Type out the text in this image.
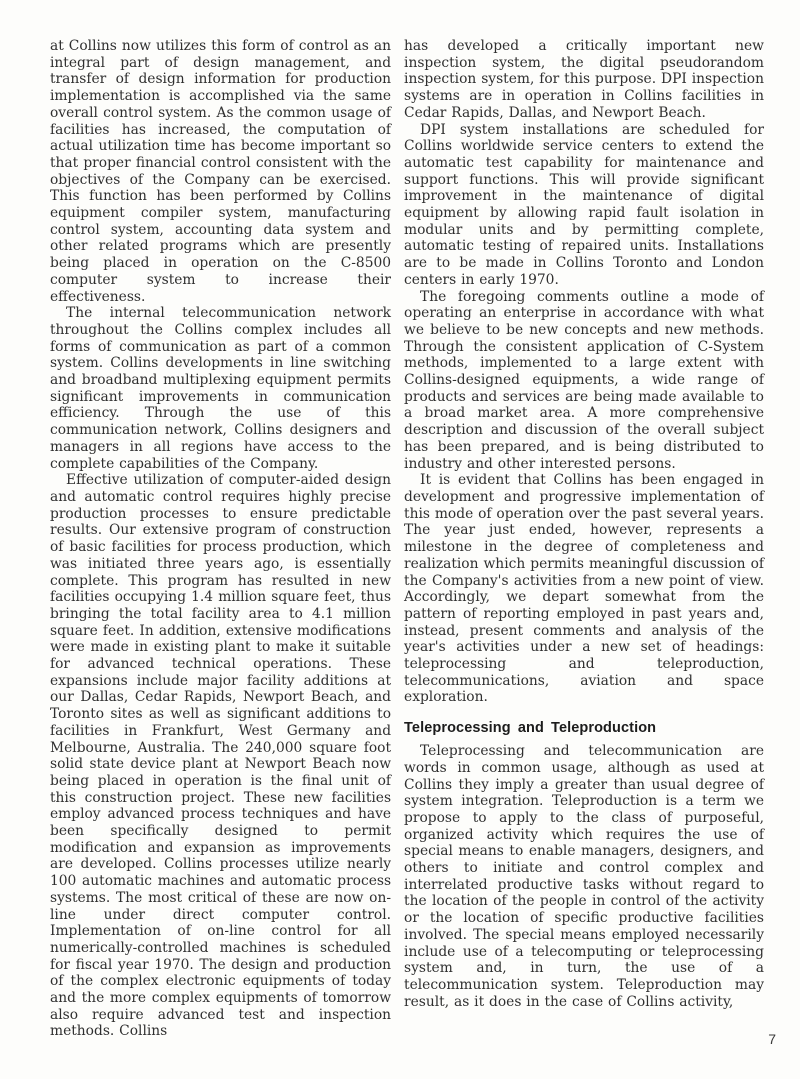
at Collins now utilizes this form of control as an integral part of design management, and transfer of design information for production implementation is accomplished via the same overall control system. As the common usage of facilities has increased, the computation of actual utilization time has become important so that proper financial control consistent with the objectives of the Company can be exercised. This function has been performed by Collins equipment compiler system, manufacturing control system, accounting data system and other related programs which are presently being placed in operation on the C-8500 computer system to increase their effectiveness.

The internal telecommunication network throughout the Collins complex includes all forms of communication as part of a common system. Collins developments in line switching and broadband multiplexing equipment permits significant improvements in communication efficiency. Through the use of this communication network, Collins designers and managers in all regions have access to the complete capabilities of the Company.

Effective utilization of computer-aided design and automatic control requires highly precise production processes to ensure predictable results. Our extensive program of construction of basic facilities for process production, which was initiated three years ago, is essentially complete. This program has resulted in new facilities occupying 1.4 million square feet, thus bringing the total facility area to 4.1 million square feet. In addition, extensive modifications were made in existing plant to make it suitable for advanced technical operations. These expansions include major facility additions at our Dallas, Cedar Rapids, Newport Beach, and Toronto sites as well as significant additions to facilities in Frankfurt, West Germany and Melbourne, Australia. The 240,000 square foot solid state device plant at Newport Beach now being placed in operation is the final unit of this construction project. These new facilities employ advanced process techniques and have been specifically designed to permit modification and expansion as improvements are developed. Collins processes utilize nearly 100 automatic machines and automatic process systems. The most critical of these are now on-line under direct computer control. Implementation of on-line control for all numerically-controlled machines is scheduled for fiscal year 1970. The design and production of the complex electronic equipments of today and the more complex equipments of tomorrow also require advanced test and inspection methods. Collins

has developed a critically important new inspection system, the digital pseudorandom inspection system, for this purpose. DPI inspection systems are in operation in Collins facilities in Cedar Rapids, Dallas, and Newport Beach.

DPI system installations are scheduled for Collins worldwide service centers to extend the automatic test capability for maintenance and support functions. This will provide significant improvement in the maintenance of digital equipment by allowing rapid fault isolation in modular units and by permitting complete, automatic testing of repaired units. Installations are to be made in Collins Toronto and London centers in early 1970.

The foregoing comments outline a mode of operating an enterprise in accordance with what we believe to be new concepts and new methods. Through the consistent application of C-System methods, implemented to a large extent with Collins-designed equipments, a wide range of products and services are being made available to a broad market area. A more comprehensive description and discussion of the overall subject has been prepared, and is being distributed to industry and other interested persons.

It is evident that Collins has been engaged in development and progressive implementation of this mode of operation over the past several years. The year just ended, however, represents a milestone in the degree of completeness and realization which permits meaningful discussion of the Company's activities from a new point of view. Accordingly, we depart somewhat from the pattern of reporting employed in past years and, instead, present comments and analysis of the year's activities under a new set of headings: teleprocessing and teleproduction, telecommunications, aviation and space exploration.

Teleprocessing and Teleproduction

Teleprocessing and telecommunication are words in common usage, although as used at Collins they imply a greater than usual degree of system integration. Teleproduction is a term we propose to apply to the class of purposeful, organized activity which requires the use of special means to enable managers, designers, and others to initiate and control complex and interrelated productive tasks without regard to the location of the people in control of the activity or the location of specific productive facilities involved. The special means employed necessarily include use of a telecomputing or teleprocessing system and, in turn, the use of a telecommunication system. Teleproduction may result, as it does in the case of Collins activity,

7
